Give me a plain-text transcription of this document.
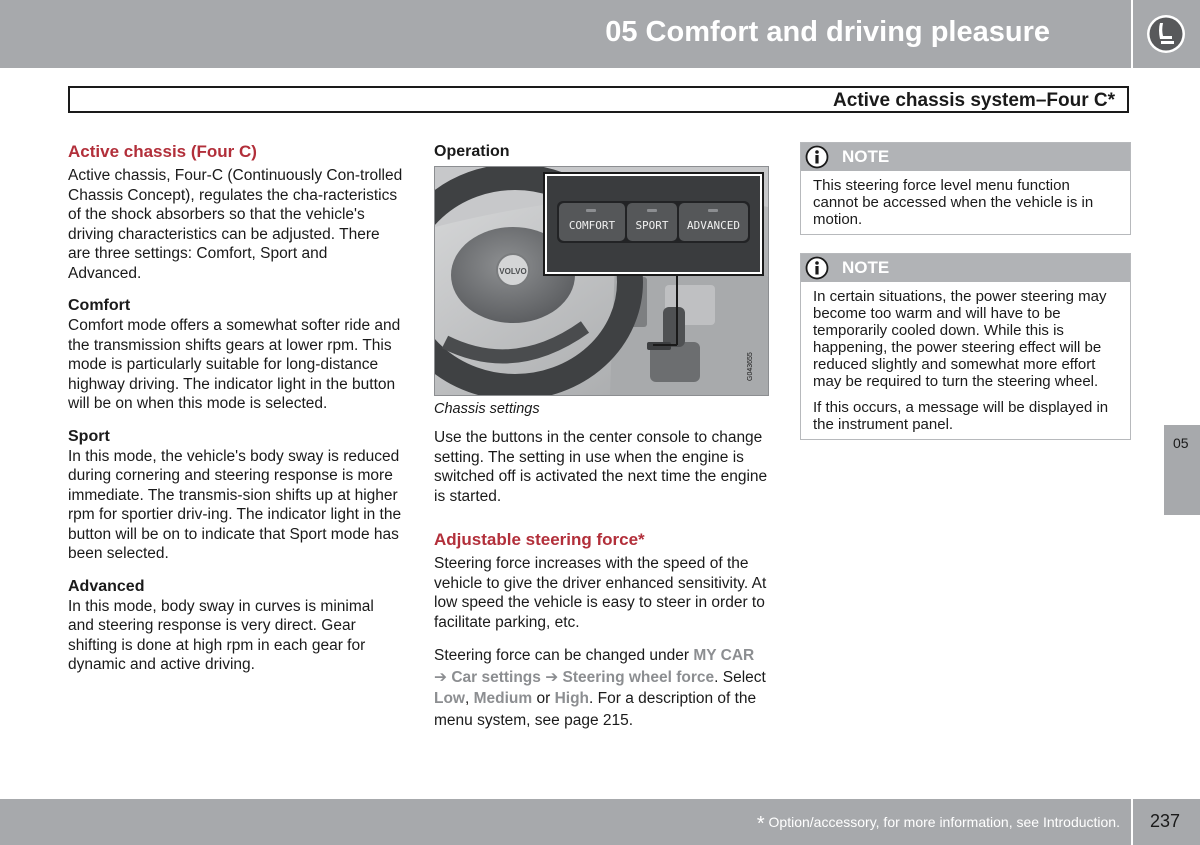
05 Comfort and driving pleasure
Active chassis system–Four C*
Active chassis (Four C)

Active chassis, Four-C (Continuously Con-trolled Chassis Concept), regulates the cha-racteristics of the shock absorbers so that the vehicle's driving characteristics can be adjusted. There are three settings: Comfort, Sport and Advanced.

Comfort

Comfort mode offers a somewhat softer ride and the transmission shifts gears at lower rpm. This mode is particularly suitable for long-distance highway driving. The indicator light in the button will be on when this mode is selected.

Sport

In this mode, the vehicle's body sway is reduced during cornering and steering response is more immediate. The transmis-sion shifts up at higher rpm for sportier driv-ing. The indicator light in the button will be on to indicate that Sport mode has been selected.

Advanced

In this mode, body sway in curves is minimal and steering response is very direct. Gear shifting is done at high rpm in each gear for dynamic and active driving.

Operation
VOLVO
COMFORT SPORT ADVANCED
G043655
Chassis settings

Use the buttons in the center console to change setting. The setting in use when the engine is switched off is activated the next time the engine is started.

Adjustable steering force*

Steering force increases with the speed of the vehicle to give the driver enhanced sensitivity. At low speed the vehicle is easy to steer in order to facilitate parking, etc.

Steering force can be changed under MY CAR ➔ Car settings ➔ Steering wheel force. Select Low, Medium or High. For a description of the menu system, see page 215.

NOTE

This steering force level menu function cannot be accessed when the vehicle is in motion.

NOTE

In certain situations, the power steering may become too warm and will have to be temporarily cooled down. While this is happening, the power steering effect will be reduced slightly and somewhat more effort may be required to turn the steering wheel.

If this occurs, a message will be displayed in the instrument panel.

05
* Option/accessory, for more information, see Introduction. 237
